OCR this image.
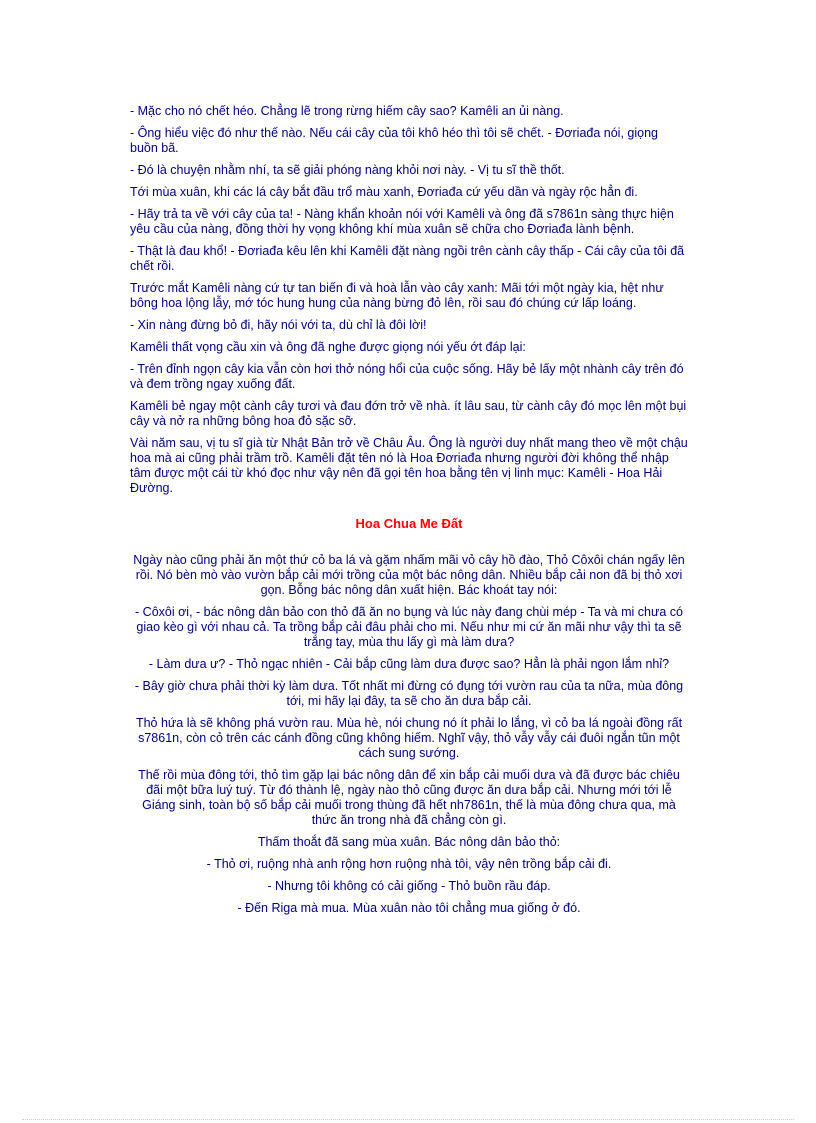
- Mặc cho nó chết héo. Chẳng lẽ trong rừng hiếm cây sao? Kamêli an ủi nàng.

- Ông hiểu việc đó như thế nào. Nếu cái cây của tôi khô héo thì tôi sẽ chết. - Đơriađa nói, giọng buồn bã.

- Đó là chuyện nhằm nhí, ta sẽ giải phóng nàng khỏi nơi này. - Vị tu sĩ thề thốt.

Tới mùa xuân, khi các lá cây bắt đầu trổ màu xanh, Đơriađa cứ yếu dần và ngày rộc hẳn đi.

- Hãy trả ta về với cây của ta! - Nàng khẩn khoản nói với Kamêli và ông đã s7861n sàng thực hiện yêu cầu của nàng, đồng thời hy vọng không khí mùa xuân sẽ chữa cho Đơriađa lành bệnh.

- Thật là đau khổ! - Đơriađa kêu lên khi Kamêli đặt nàng ngồi trên cành cây thấp - Cái cây của tôi đã chết rồi.

Trước mắt Kamêli nàng cứ tự tan biến đi và hoà lẫn vào cây xanh: Mãi tới một ngày kia, hệt như bông hoa lộng lẫy, mớ tóc hung hung của nàng bừng đỏ lên, rồi sau đó chúng cứ lấp loáng.

- Xin nàng đừng bỏ đi, hãy nói với ta, dù chỉ là đôi lời!

Kamêli thất vọng cầu xin và ông đã nghe được giọng nói yếu ớt đáp lại:

- Trên đỉnh ngọn cây kia vẫn còn hơi thở nóng hổi của cuộc sống. Hãy bẻ lấy một nhành cây trên đó và đem trồng ngay xuống đất.

Kamêli bẻ ngay một cành cây tươi và đau đớn trở về nhà. ít lâu sau, từ cành cây đó mọc lên một bụi cây và nở ra những bông hoa đỏ sặc sỡ.

Vài năm sau, vị tu sĩ già từ Nhật Bản trở về Châu Âu. Ông là người duy nhất mang theo về một chậu hoa mà ai cũng phải trầm trồ. Kamêli đặt tên nó là Hoa Đơriađa nhưng người đời không thể nhập tâm được một cái từ khó đọc như vậy nên đã gọi tên hoa bằng tên vị linh mục: Kamêli - Hoa Hải Đường.

Hoa Chua Me Đất

Ngày nào cũng phải ăn một thứ cỏ ba lá và gặm nhấm mãi vỏ cây hồ đào, Thỏ Côxôi chán ngấy lên rồi. Nó bèn mò vào vườn bắp cải mới trồng của một bác nông dân. Nhiều bắp cải non đã bị thỏ xơi gọn. Bỗng bác nông dân xuất hiện. Bác khoát tay nói:

- Côxôi ơi, - bác nông dân bảo con thỏ đã ăn no bụng và lúc này đang chùi mép - Ta và mi chưa có giao kèo gì với nhau cả. Ta trồng bắp cải đâu phải cho mi. Nếu như mi cứ ăn mãi như vậy thì ta sẽ trắng tay, mùa thu lấy gì mà làm dưa?

- Làm dưa ư? - Thỏ ngạc nhiên - Cải bắp cũng làm dưa được sao? Hẳn là phải ngon lắm nhỉ?

- Bây giờ chưa phải thời kỳ làm dưa. Tốt nhất mi đừng có đụng tới vườn rau của ta nữa, mùa đông tới, mi hãy lại đây, ta sẽ cho ăn dưa bắp cải.

Thỏ hứa là sẽ không phá vườn rau. Mùa hè, nói chung nó ít phải lo lắng, vì cỏ ba lá ngoài đồng rất s7861n, còn cỏ trên các cánh đồng cũng không hiếm. Nghĩ vậy, thỏ vẫy vẫy cái đuôi ngắn tũn một cách sung sướng.

Thế rồi mùa đông tới, thỏ tìm gặp lại bác nông dân để xin bắp cải muối dưa và đã được bác chiêu đãi một bữa luý tuý. Từ đó thành lệ, ngày nào thỏ cũng được ăn dưa bắp cải. Nhưng mới tới lễ Giáng sinh, toàn bộ số bắp cải muối trong thùng đã hết nh7861n, thế là mùa đông chưa qua, mà thức ăn trong nhà đã chẳng còn gì.

Thấm thoắt đã sang mùa xuân. Bác nông dân bảo thỏ:

- Thỏ ơi, ruộng nhà anh rộng hơn ruộng nhà tôi, vậy nên trồng bắp cải đi.

- Nhưng tôi không có cải giống - Thỏ buồn rầu đáp.

- Đến Riga mà mua. Mùa xuân nào tôi chẳng mua giống ở đó.
